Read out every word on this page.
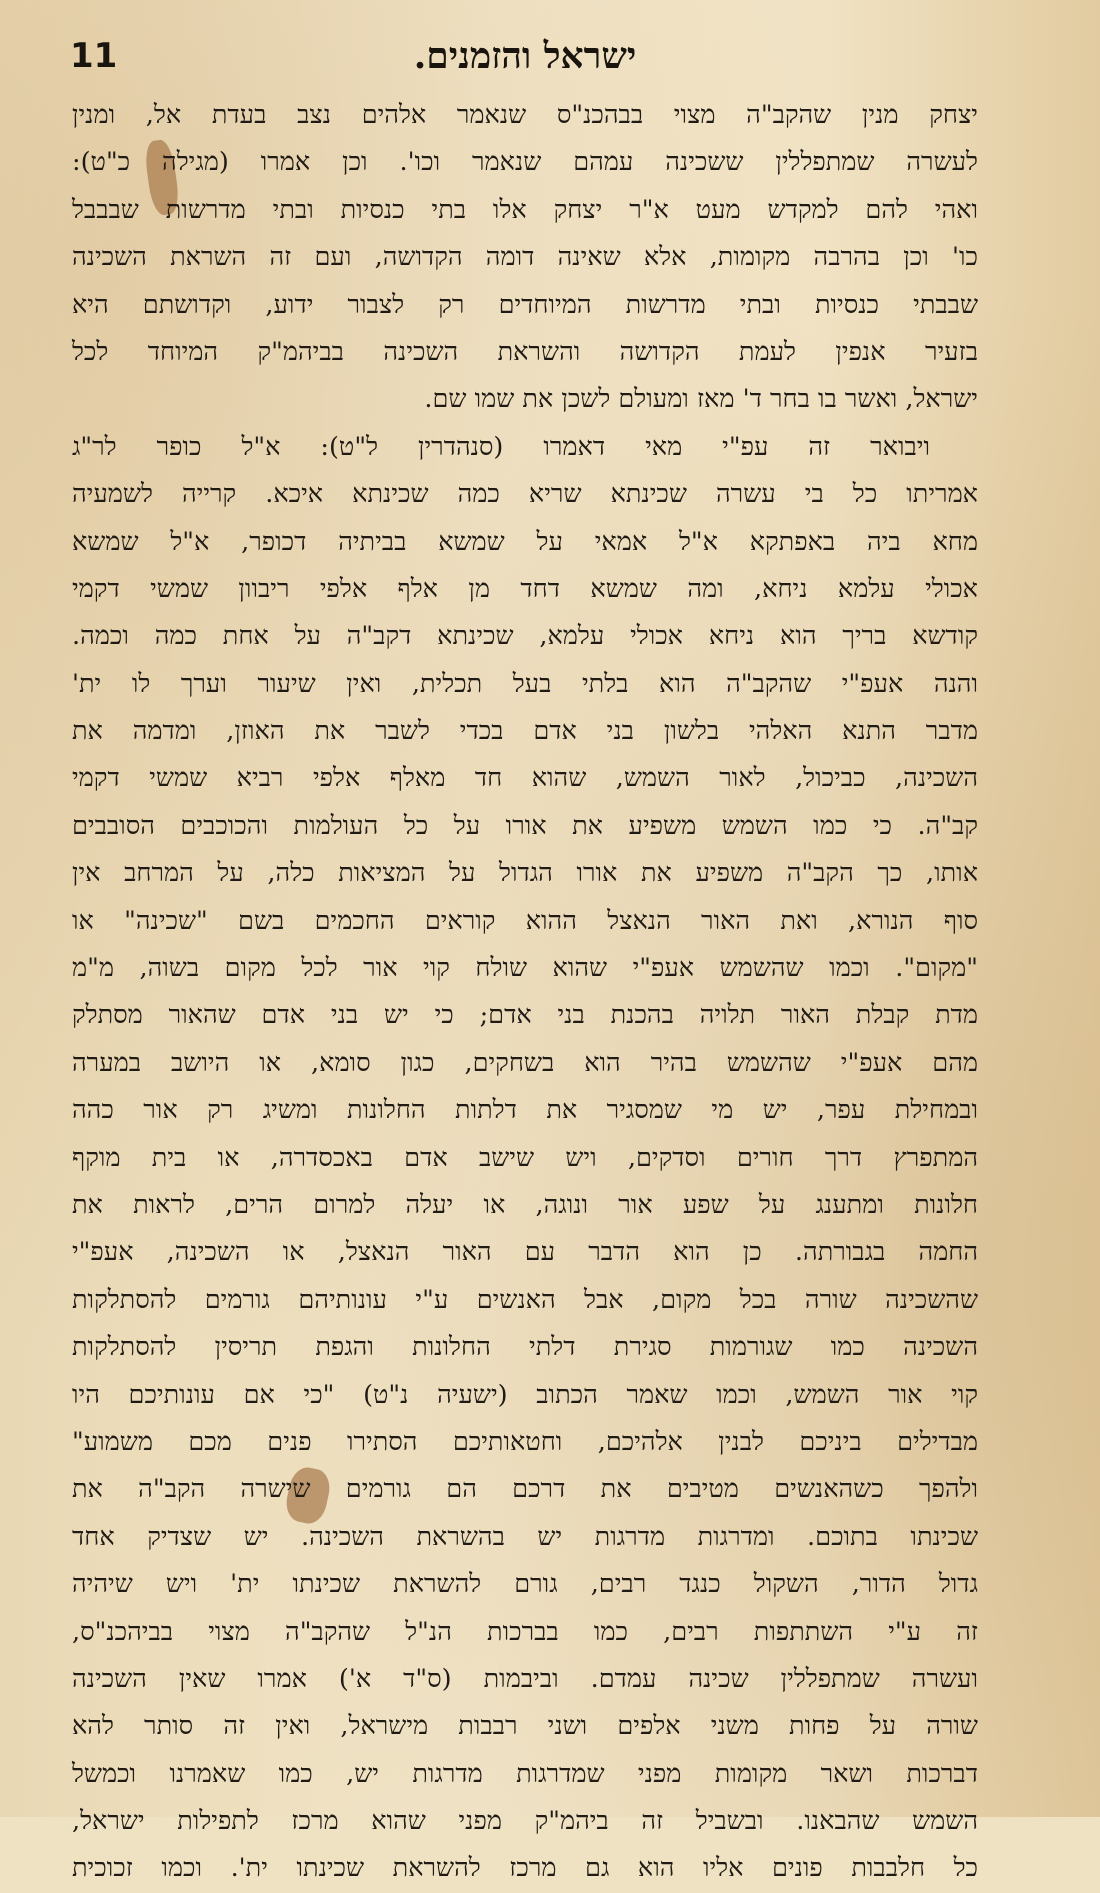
11	ישראל והזמנים.
יצחק מנין שהקב"ה מצוי בבהכנ"ס שנאמר אלהים נצב בעדת אל, ומנין
לעשרה שמתפללין ששכינה עמהם שנאמר וכו'. וכן אמרו (מגילה כ"ט):
ואהי להם למקדש מעט א"ר יצחק אלו בתי כנסיות ובתי מדרשות שבבבל
כו' וכן בהרבה מקומות, אלא שאינה דומה הקדושה, ועם זה השראת השכינה
שבבתי כנסיות ובתי מדרשות המיוחדים רק לצבור ידוע, וקדושתם היא
בזעיר אנפין לעמת הקדושה והשראת השכינה בביהמ"ק המיוחד לכל
ישראל, ואשר בו בחר ד' מאז ומעולם לשכן את שמו שם.
ויבואר זה עפ"י מאי דאמרו (סנהדרין ל"ט): א"ל כופר לר"ג
אמריתו כל בי עשרה שכינתא שריא כמה שכינתא איכא. קרייה לשמעיה
מחא ביה באפתקא א"ל אמאי על שמשא בביתיה דכופר, א"ל שמשא
אכולי עלמא ניחא, ומה שמשא דחד מן אלף אלפי ריבוון שמשי דקמי
קודשא בריך הוא ניחא אכולי עלמא, שכינתא דקב"ה על אחת כמה וכמה.
והנה אעפ"י שהקב"ה הוא בלתי בעל תכלית, ואין שיעור וערך לו ית'
מדבר התנא האלהי בלשון בני אדם בכדי לשבר את האוזן, ומדמה את
השכינה, כביכול, לאור השמש, שהוא חד מאלף אלפי רביא שמשי דקמי
קב"ה. כי כמו השמש משפיע את אורו על כל העולמות והכוכבים הסובבים
אותו, כך הקב"ה משפיע את אורו הגדול על המציאות כלה, על המרחב אין
סוף הנורא, ואת האור הנאצל ההוא קוראים החכמים בשם "שכינה" או
"מקום". וכמו שהשמש אעפ"י שהוא שולח קוי אור לכל מקום בשוה, מ"מ
מדת קבלת האור תלויה בהכנת בני אדם; כי יש בני אדם שהאור מסתלק
מהם אעפ"י שהשמש בהיר הוא בשחקים, כגון סומא, או היושב במערה
ובמחילת עפר, יש מי שמסגיר את דלתות החלונות ומשיג רק אור כהה
המתפרץ דרך חורים וסדקים, ויש שישב אדם באכסדרה, או בית מוקף
חלונות ומתענג על שפע אור ונוגה, או יעלה למרום הרים, לראות את
החמה בגבורתה. כן הוא הדבר עם האור הנאצל, או השכינה, אעפ"י
שהשכינה שורה בכל מקום, אבל האנשים ע"י עונותיהם גורמים להסתלקות
השכינה כמו שגורמות סגירת דלתי החלונות והגפת תריסין להסתלקות
קוי אור השמש, וכמו שאמר הכתוב (ישעיה נ"ט) "כי אם עונותיכם היו
מבדילים ביניכם לבנין אלהיכם, וחטאותיכם הסתירו פנים מכם משמוע"
ולהפך כשהאנשים מטיבים את דרכם הם גורמים שישרה הקב"ה את
שכינתו בתוכם. ומדרגות מדרגות יש בהשראת השכינה. יש שצדיק אחד
גדול הדור, השקול כנגד רבים, גורם להשראת שכינתו ית' ויש שיהיה
זה ע"י השתתפות רבים, כמו בברכות הנ"ל שהקב"ה מצוי בביהכנ"ס,
ועשרה שמתפללין שכינה עמדם. וביבמות (ס"ד א') אמרו שאין השכינה
שורה על פחות משני אלפים ושני רבבות מישראל, ואין זה סותר להא
דברכות ושאר מקומות מפני שמדרגות מדרגות יש, כמו שאמרנו וכמשל
השמש שהבאנו. ובשביל זה ביהמ"ק מפני שהוא מרכז לתפילות ישראל,
כל חלבבות פונים אליו הוא גם מרכז להשראת שכינתו ית'. וכמו זכוכית
